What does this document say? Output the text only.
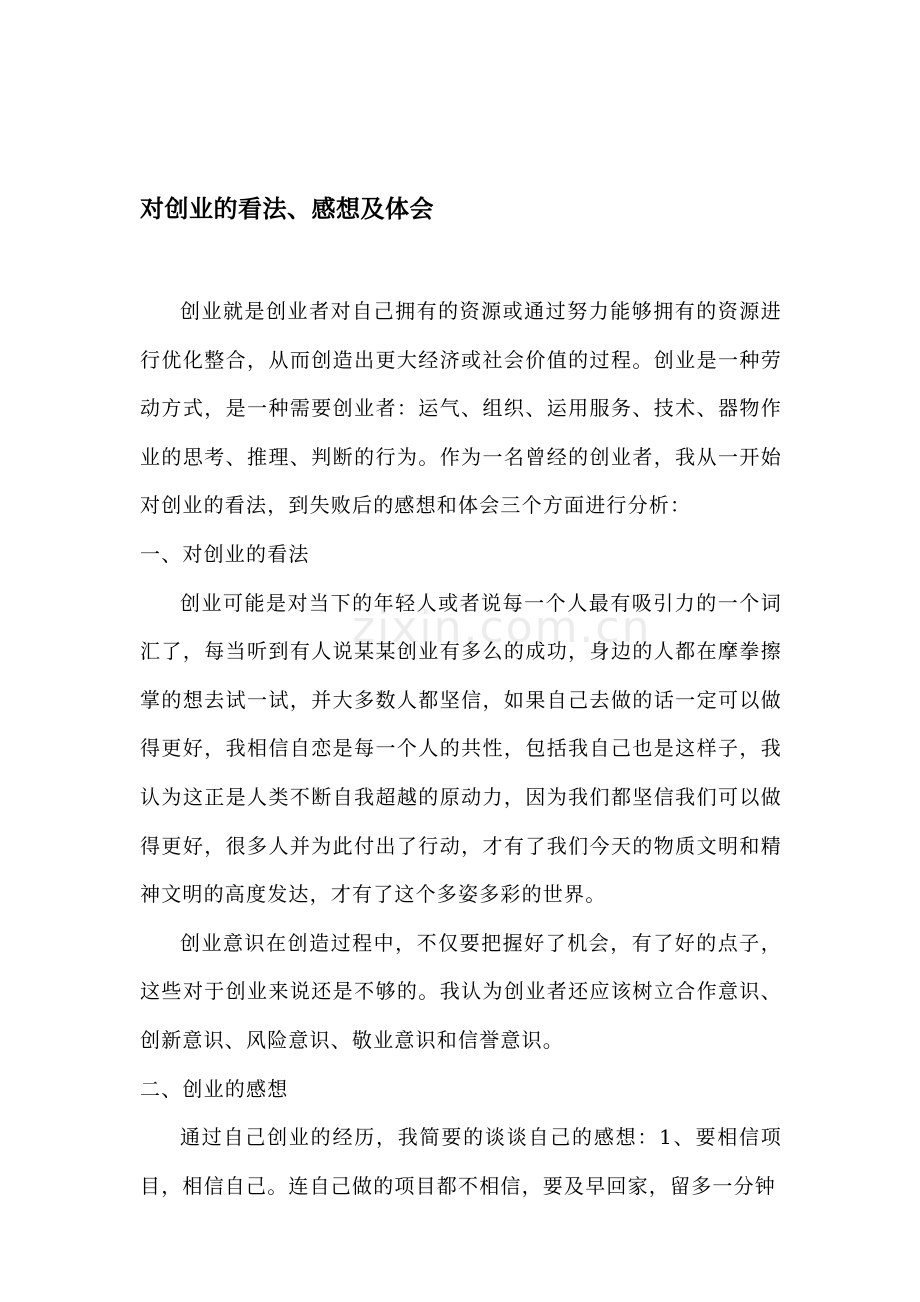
对创业的看法、感想及体会

创业就是创业者对自己拥有的资源或通过努力能够拥有的资源进行优化整合，从而创造出更大经济或社会价值的过程。创业是一种劳动方式，是一种需要创业者：运气、组织、运用服务、技术、器物作业的思考、推理、判断的行为。作为一名曾经的创业者，我从一开始对创业的看法，到失败后的感想和体会三个方面进行分析：

一、对创业的看法

创业可能是对当下的年轻人或者说每一个人最有吸引力的一个词汇了，每当听到有人说某某创业有多么的成功，身边的人都在摩拳擦掌的想去试一试，并大多数人都坚信，如果自己去做的话一定可以做得更好，我相信自恋是每一个人的共性，包括我自己也是这样子，我认为这正是人类不断自我超越的原动力，因为我们都坚信我们可以做得更好，很多人并为此付出了行动，才有了我们今天的物质文明和精神文明的高度发达，才有了这个多姿多彩的世界。

创业意识在创造过程中，不仅要把握好了机会，有了好的点子，这些对于创业来说还是不够的。我认为创业者还应该树立合作意识、创新意识、风险意识、敬业意识和信誉意识。

二、创业的感想

通过自己创业的经历，我简要的谈谈自己的感想：1、要相信项目，相信自己。连自己做的项目都不相信，要及早回家，留多一分钟

zixin.com.cn
